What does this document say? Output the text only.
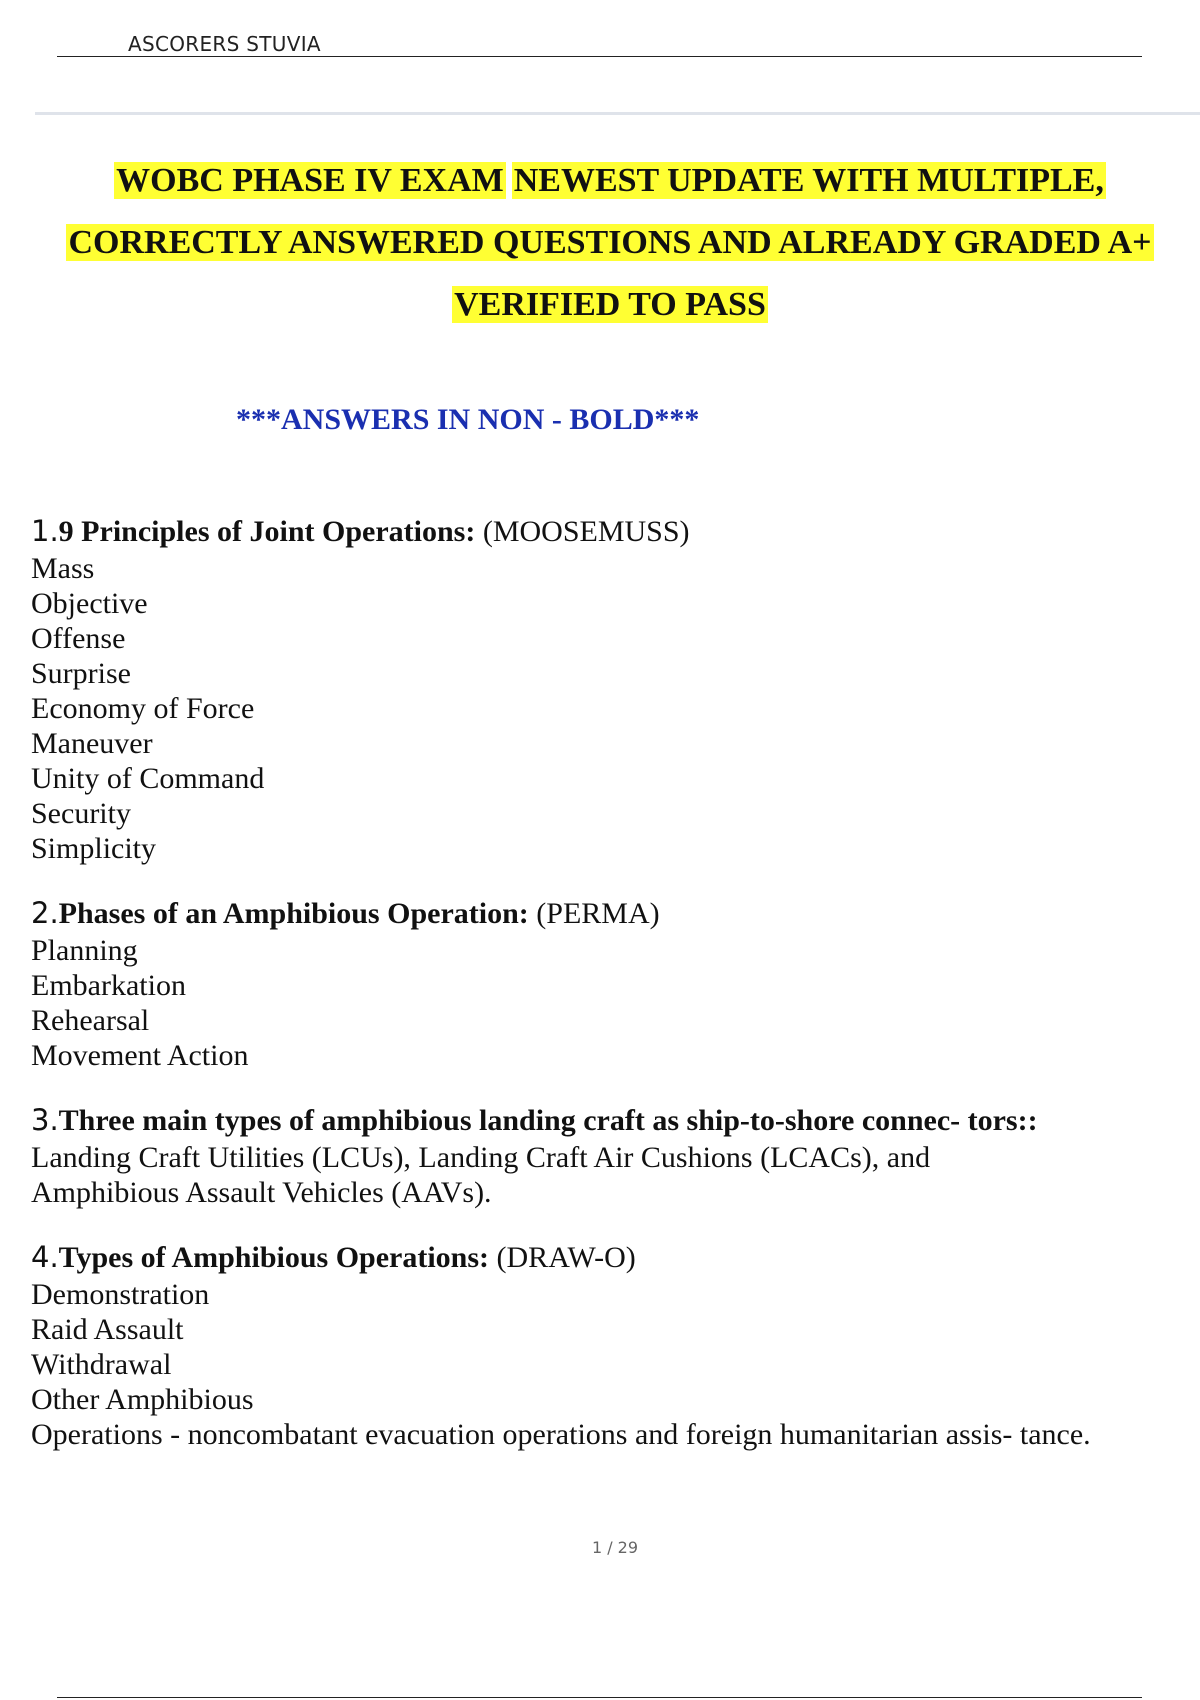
ASCORERS STUVIA
WOBC PHASE IV EXAM NEWEST UPDATE WITH MULTIPLE,
CORRECTLY ANSWERED QUESTIONS AND ALREADY GRADED A+
VERIFIED TO PASS
***ANSWERS IN NON - BOLD***
1.9 Principles of Joint Operations: (MOOSEMUSS)
Mass
Objective
Offense
Surprise
Economy of Force
Maneuver
Unity of Command
Security
Simplicity
2.Phases of an Amphibious Operation: (PERMA)
Planning
Embarkation
Rehearsal
Movement Action
3.Three main types of amphibious landing craft as ship-to-shore connec- tors::
Landing Craft Utilities (LCUs), Landing Craft Air Cushions (LCACs), and
Amphibious Assault Vehicles (AAVs).
4.Types of Amphibious Operations: (DRAW-O)
Demonstration
Raid Assault
Withdrawal
Other Amphibious
Operations - noncombatant evacuation operations and foreign humanitarian assis- tance.
1 / 29
